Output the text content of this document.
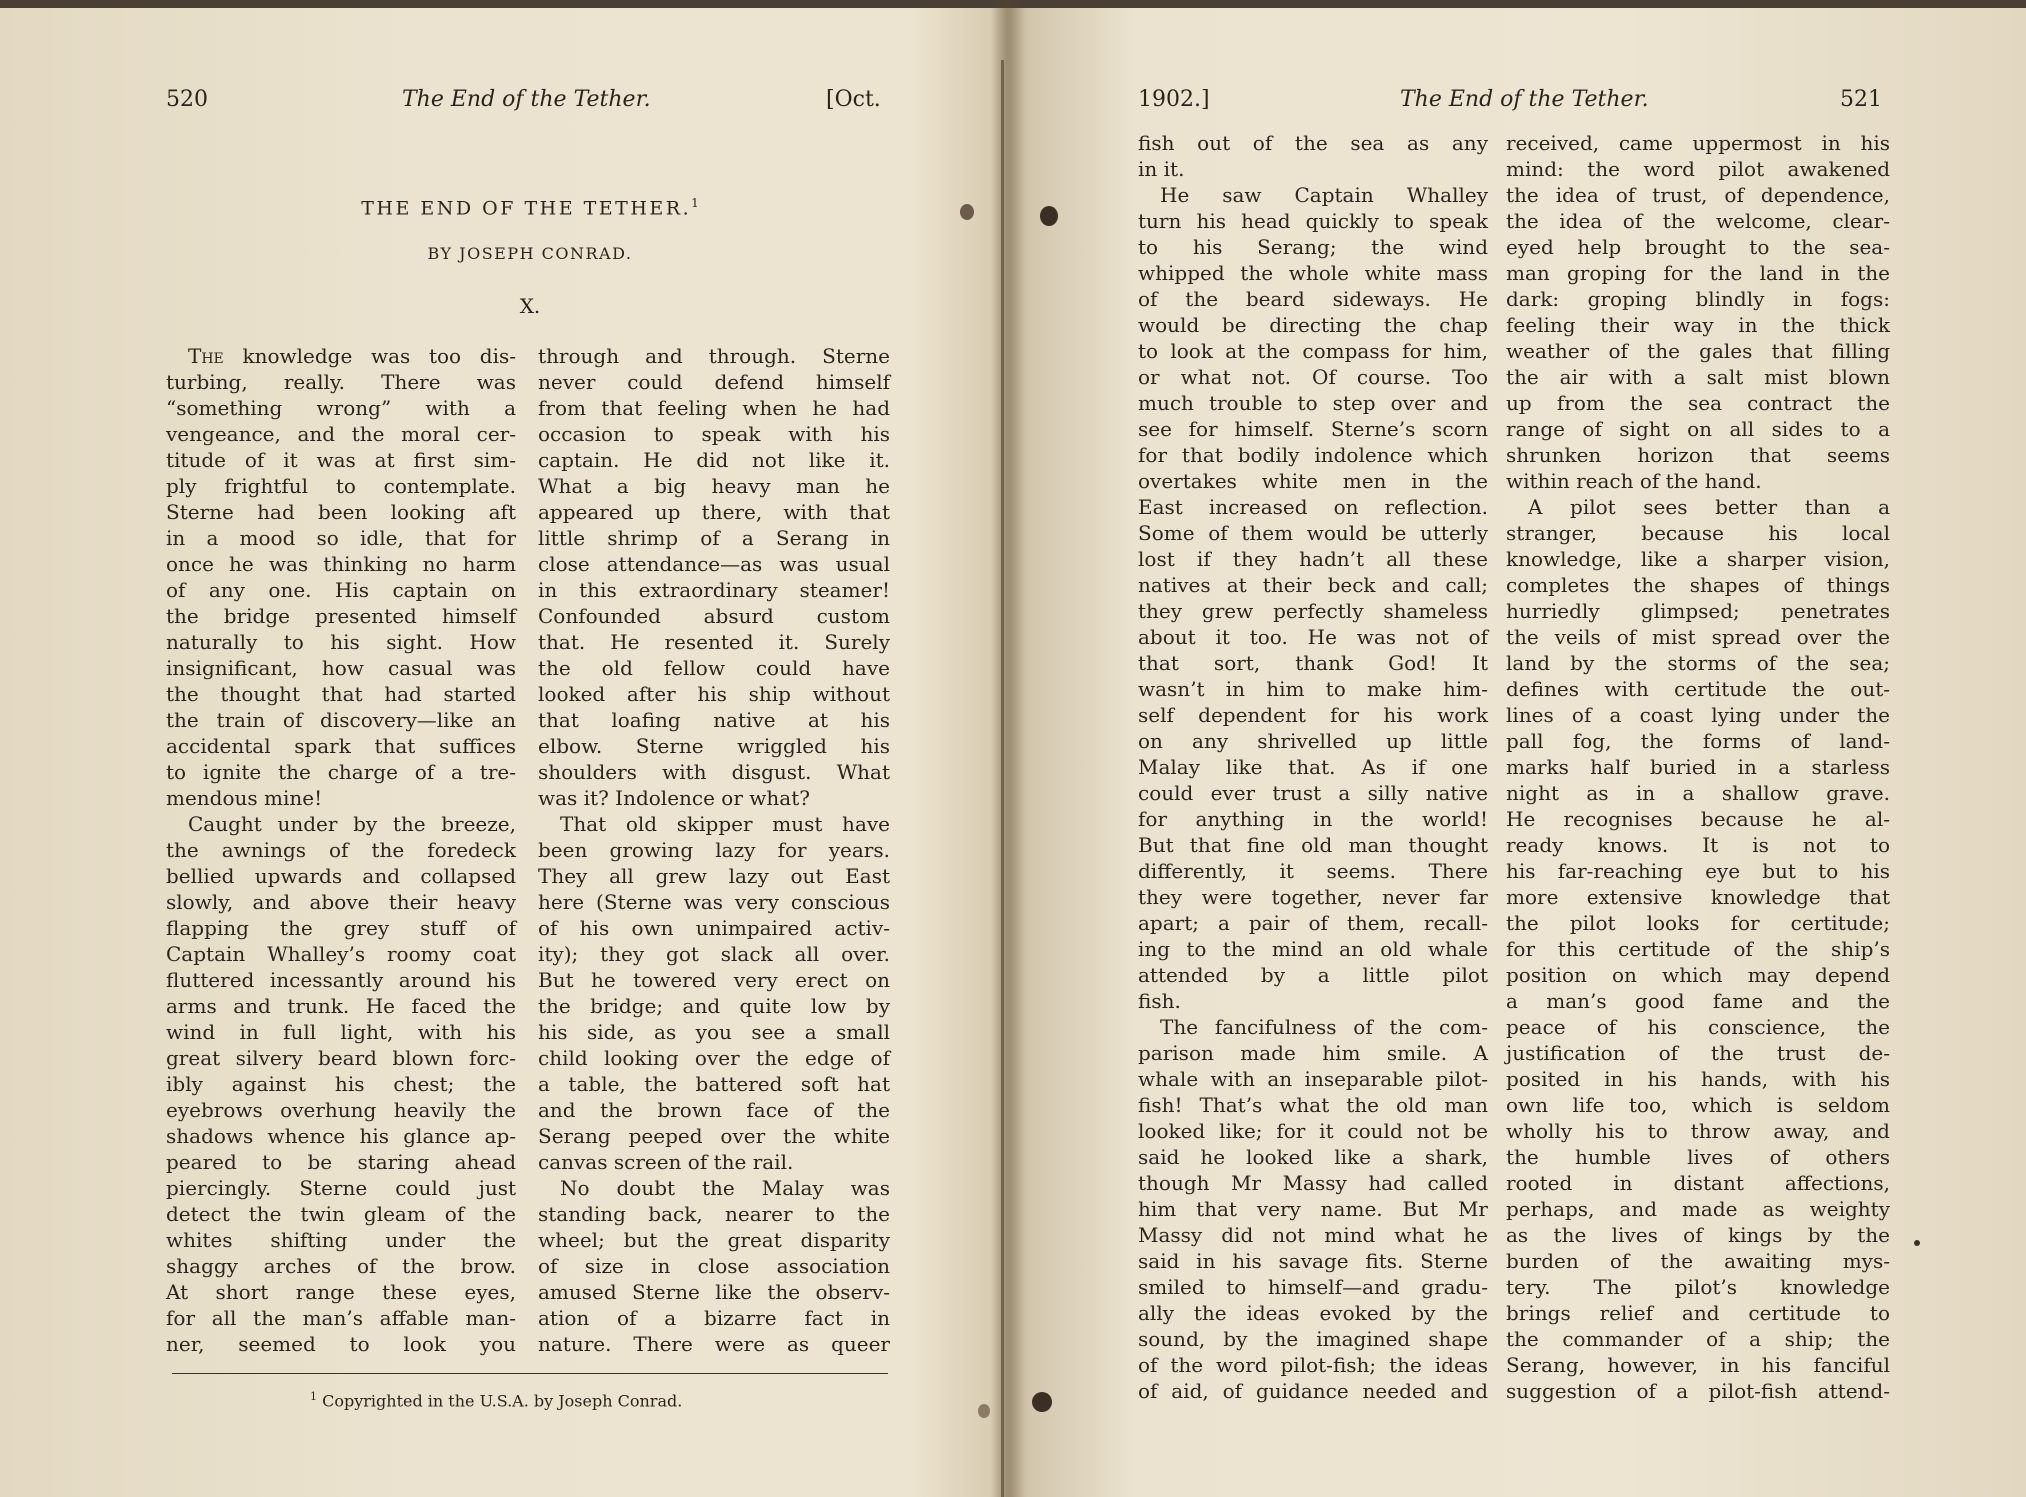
520	The End of the Tether.	[Oct.
THE END OF THE TETHER.$^1$
BY JOSEPH CONRAD.
X.
The knowledge was too dis-
turbing, really. There was
“something wrong” with a
vengeance, and the moral cer-
titude of it was at first sim-
ply frightful to contemplate.
Sterne had been looking aft
in a mood so idle, that for
once he was thinking no harm
of any one. His captain on
the bridge presented himself
naturally to his sight. How
insignificant, how casual was
the thought that had started
the train of discovery—like an
accidental spark that suffices
to ignite the charge of a tre-
mendous mine!
Caught under by the breeze,
the awnings of the foredeck
bellied upwards and collapsed
slowly, and above their heavy
flapping the grey stuff of
Captain Whalley’s roomy coat
fluttered incessantly around his
arms and trunk. He faced the
wind in full light, with his
great silvery beard blown forc-
ibly against his chest; the
eyebrows overhung heavily the
shadows whence his glance ap-
peared to be staring ahead
piercingly. Sterne could just
detect the twin gleam of the
whites shifting under the
shaggy arches of the brow.
At short range these eyes,
for all the man’s affable man-
ner, seemed to look you
through and through. Sterne
never could defend himself
from that feeling when he had
occasion to speak with his
captain. He did not like it.
What a big heavy man he
appeared up there, with that
little shrimp of a Serang in
close attendance—as was usual
in this extraordinary steamer!
Confounded absurd custom
that. He resented it. Surely
the old fellow could have
looked after his ship without
that loafing native at his
elbow. Sterne wriggled his
shoulders with disgust. What
was it? Indolence or what?
That old skipper must have
been growing lazy for years.
They all grew lazy out East
here (Sterne was very conscious
of his own unimpaired activ-
ity); they got slack all over.
But he towered very erect on
the bridge; and quite low by
his side, as you see a small
child looking over the edge of
a table, the battered soft hat
and the brown face of the
Serang peeped over the white
canvas screen of the rail.
No doubt the Malay was
standing back, nearer to the
wheel; but the great disparity
of size in close association
amused Sterne like the observ-
ation of a bizarre fact in
nature. There were as queer
$^1$ Copyrighted in the U.S.A. by Joseph Conrad.
1902.]	The End of the Tether.	521
fish out of the sea as any
in it.
He saw Captain Whalley
turn his head quickly to speak
to his Serang; the wind
whipped the whole white mass
of the beard sideways. He
would be directing the chap
to look at the compass for him,
or what not. Of course. Too
much trouble to step over and
see for himself. Sterne’s scorn
for that bodily indolence which
overtakes white men in the
East increased on reflection.
Some of them would be utterly
lost if they hadn’t all these
natives at their beck and call;
they grew perfectly shameless
about it too. He was not of
that sort, thank God! It
wasn’t in him to make him-
self dependent for his work
on any shrivelled up little
Malay like that. As if one
could ever trust a silly native
for anything in the world!
But that fine old man thought
differently, it seems. There
they were together, never far
apart; a pair of them, recall-
ing to the mind an old whale
attended by a little pilot
fish.
The fancifulness of the com-
parison made him smile. A
whale with an inseparable pilot-
fish! That’s what the old man
looked like; for it could not be
said he looked like a shark,
though Mr Massy had called
him that very name. But Mr
Massy did not mind what he
said in his savage fits. Sterne
smiled to himself—and gradu-
ally the ideas evoked by the
sound, by the imagined shape
of the word pilot-fish; the ideas
of aid, of guidance needed and
received, came uppermost in his
mind: the word pilot awakened
the idea of trust, of dependence,
the idea of the welcome, clear-
eyed help brought to the sea-
man groping for the land in the
dark: groping blindly in fogs:
feeling their way in the thick
weather of the gales that filling
the air with a salt mist blown
up from the sea contract the
range of sight on all sides to a
shrunken horizon that seems
within reach of the hand.
A pilot sees better than a
stranger, because his local
knowledge, like a sharper vision,
completes the shapes of things
hurriedly glimpsed; penetrates
the veils of mist spread over the
land by the storms of the sea;
defines with certitude the out-
lines of a coast lying under the
pall fog, the forms of land-
marks half buried in a starless
night as in a shallow grave.
He recognises because he al-
ready knows. It is not to
his far-reaching eye but to his
more extensive knowledge that
the pilot looks for certitude;
for this certitude of the ship’s
position on which may depend
a man’s good fame and the
peace of his conscience, the
justification of the trust de-
posited in his hands, with his
own life too, which is seldom
wholly his to throw away, and
the humble lives of others
rooted in distant affections,
perhaps, and made as weighty
as the lives of kings by the
burden of the awaiting mys-
tery. The pilot’s knowledge
brings relief and certitude to
the commander of a ship; the
Serang, however, in his fanciful
suggestion of a pilot-fish attend-
